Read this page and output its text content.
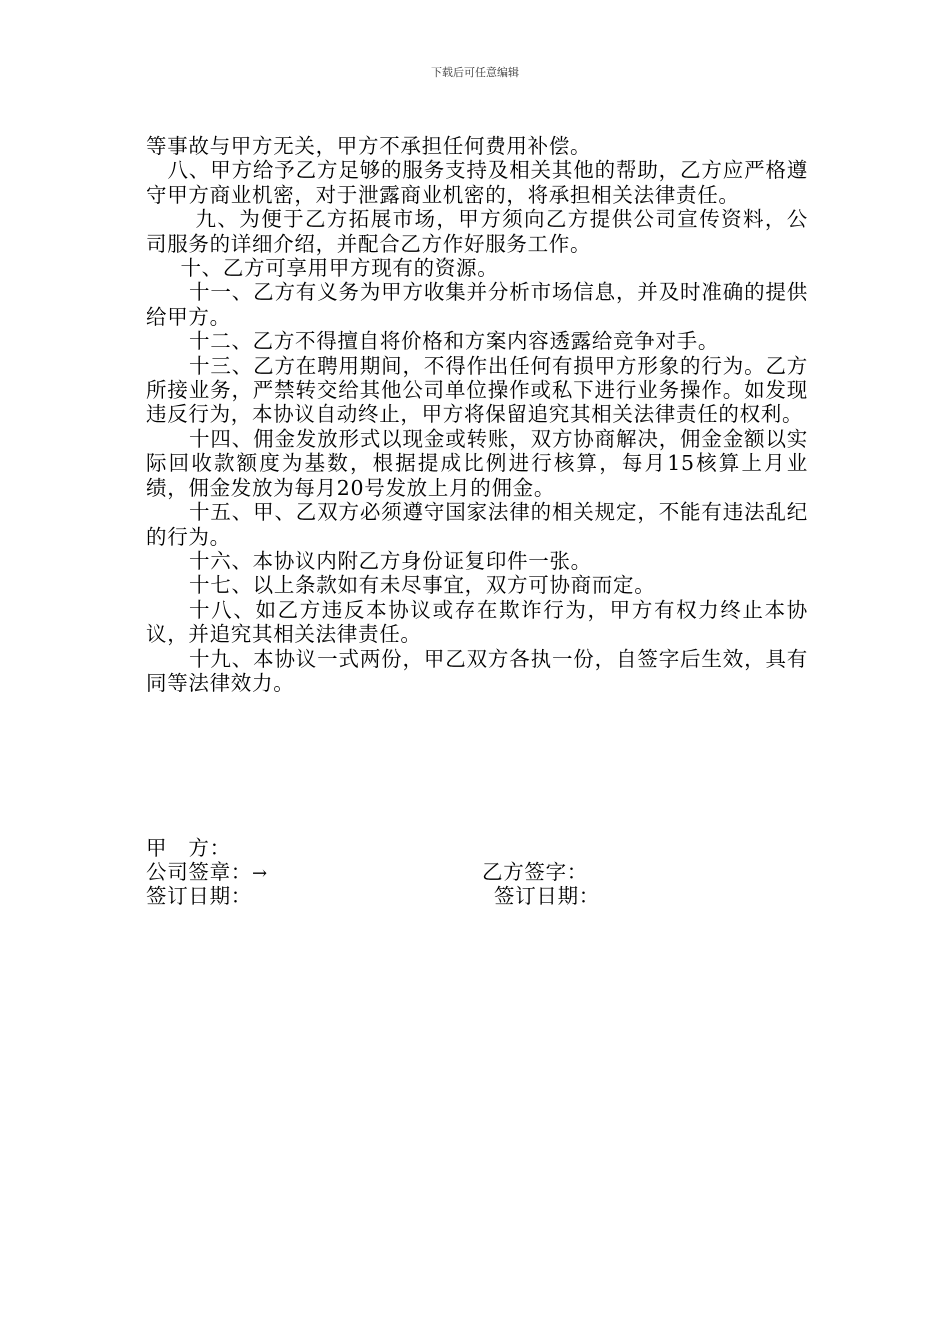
下载后可任意编辑

等事故与甲方无关，甲方不承担任何费用补偿。

八、甲方给予乙方足够的服务支持及相关其他的帮助，乙方应严格遵守甲方商业机密，对于泄露商业机密的，将承担相关法律责任。

九、为便于乙方拓展市场，甲方须向乙方提供公司宣传资料，公司服务的详细介绍，并配合乙方作好服务工作。

十、乙方可享用甲方现有的资源。

十一、乙方有义务为甲方收集并分析市场信息，并及时准确的提供给甲方。

十二、乙方不得擅自将价格和方案内容透露给竞争对手。

十三、乙方在聘用期间，不得作出任何有损甲方形象的行为。乙方所接业务，严禁转交给其他公司单位操作或私下进行业务操作。如发现违反行为，本协议自动终止，甲方将保留追究其相关法律责任的权利。

十四、佣金发放形式以现金或转账，双方协商解决，佣金金额以实际回收款额度为基数，根据提成比例进行核算，每月15核算上月业绩，佣金发放为每月20号发放上月的佣金。

十五、甲、乙双方必须遵守国家法律的相关规定，不能有违法乱纪的行为。

十六、本协议内附乙方身份证复印件一张。

十七、以上条款如有未尽事宜，双方可协商而定。

十八、如乙方违反本协议或存在欺诈行为，甲方有权力终止本协议，并追究其相关法律责任。

十九、本协议一式两份，甲乙双方各执一份，自签字后生效，具有同等法律效力。

甲　方：
公司签章：→	乙方签字：
签订日期：	签订日期：
